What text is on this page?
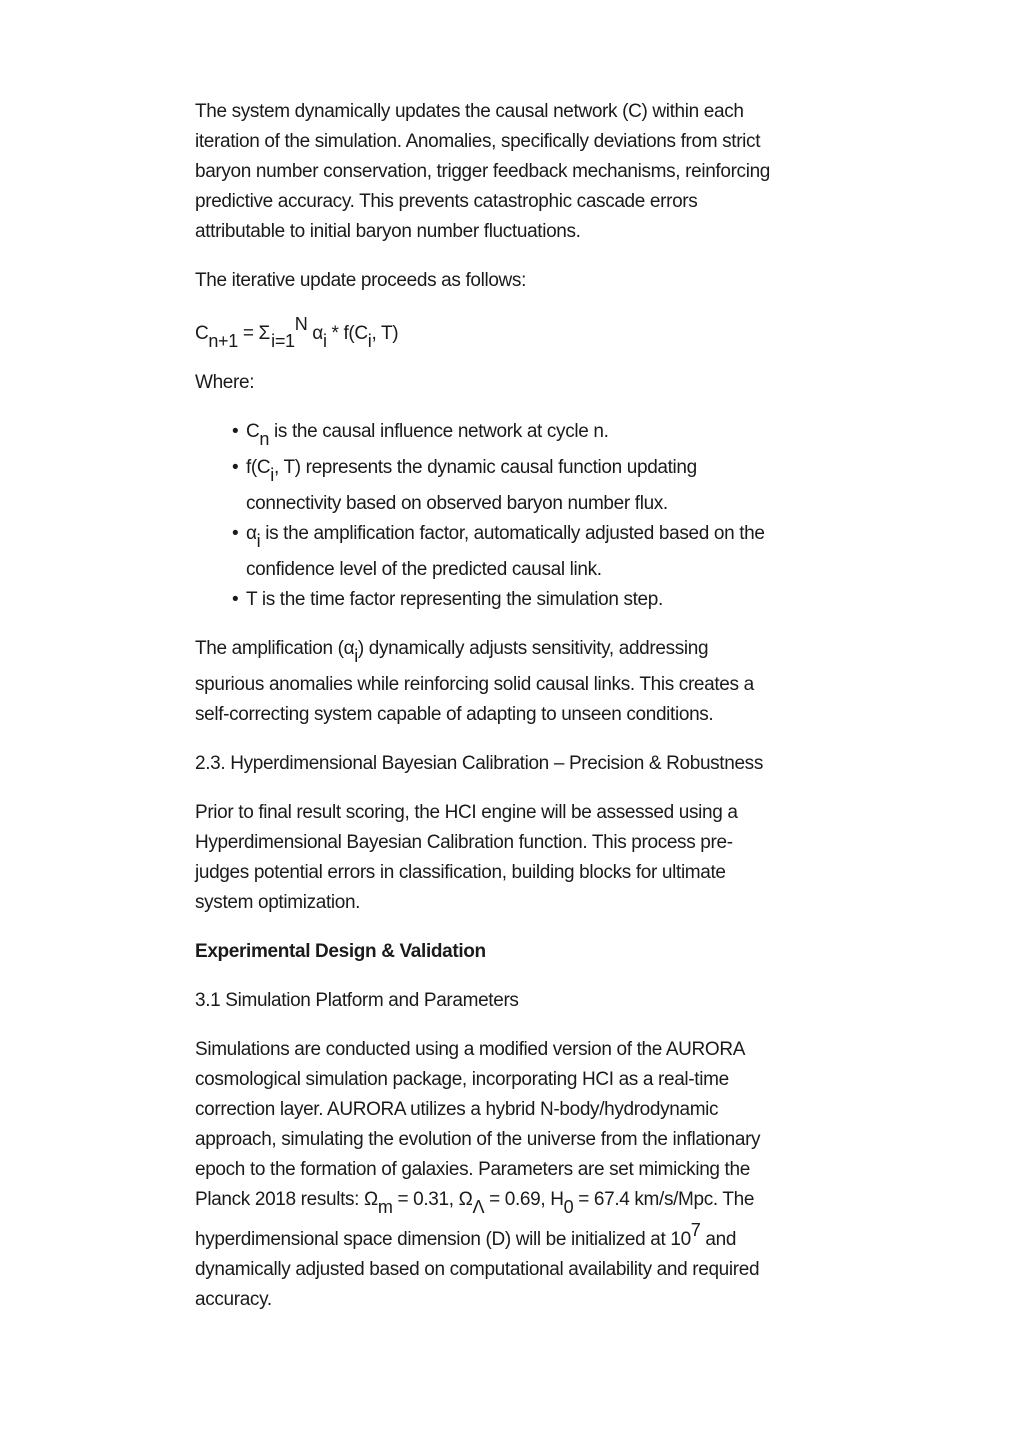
The system dynamically updates the causal network (C) within each
iteration of the simulation. Anomalies, specifically deviations from strict
baryon number conservation, trigger feedback mechanisms, reinforcing
predictive accuracy. This prevents catastrophic cascade errors
attributable to initial baryon number fluctuations.
The iterative update proceeds as follows:
$C_{n+1} = \Sigma$ $_{i=1}^N$ $\alpha_i * f(C_i$, T)
Where:
• $C_n$ is the causal influence network at cycle n.
• $f(C_i$, T) represents the dynamic causal function updating
connectivity based on observed baryon number flux.
• $\alpha_i$ is the amplification factor, automatically adjusted based on the
confidence level of the predicted causal link.
• T is the time factor representing the simulation step.
The amplification $(\alpha_i)$ dynamically adjusts sensitivity, addressing
spurious anomalies while reinforcing solid causal links. This creates a
self-correcting system capable of adapting to unseen conditions.
2.3. Hyperdimensional Bayesian Calibration – Precision & Robustness
Prior to final result scoring, the HCI engine will be assessed using a
Hyperdimensional Bayesian Calibration function. This process pre-
judges potential errors in classification, building blocks for ultimate
system optimization.
Experimental Design & Validation
3.1 Simulation Platform and Parameters
Simulations are conducted using a modified version of the AURORA
cosmological simulation package, incorporating HCI as a real-time
correction layer. AURORA utilizes a hybrid N-body/hydrodynamic
approach, simulating the evolution of the universe from the inflationary
epoch to the formation of galaxies. Parameters are set mimicking the
Planck 2018 results: $\Omega_m = 0.31$, $\Omega_\Lambda = 0.69$, $H_0 = 67.4$ km/s/Mpc. The
hyperdimensional space dimension (D) will be initialized at $10^7$ and
dynamically adjusted based on computational availability and required
accuracy.
